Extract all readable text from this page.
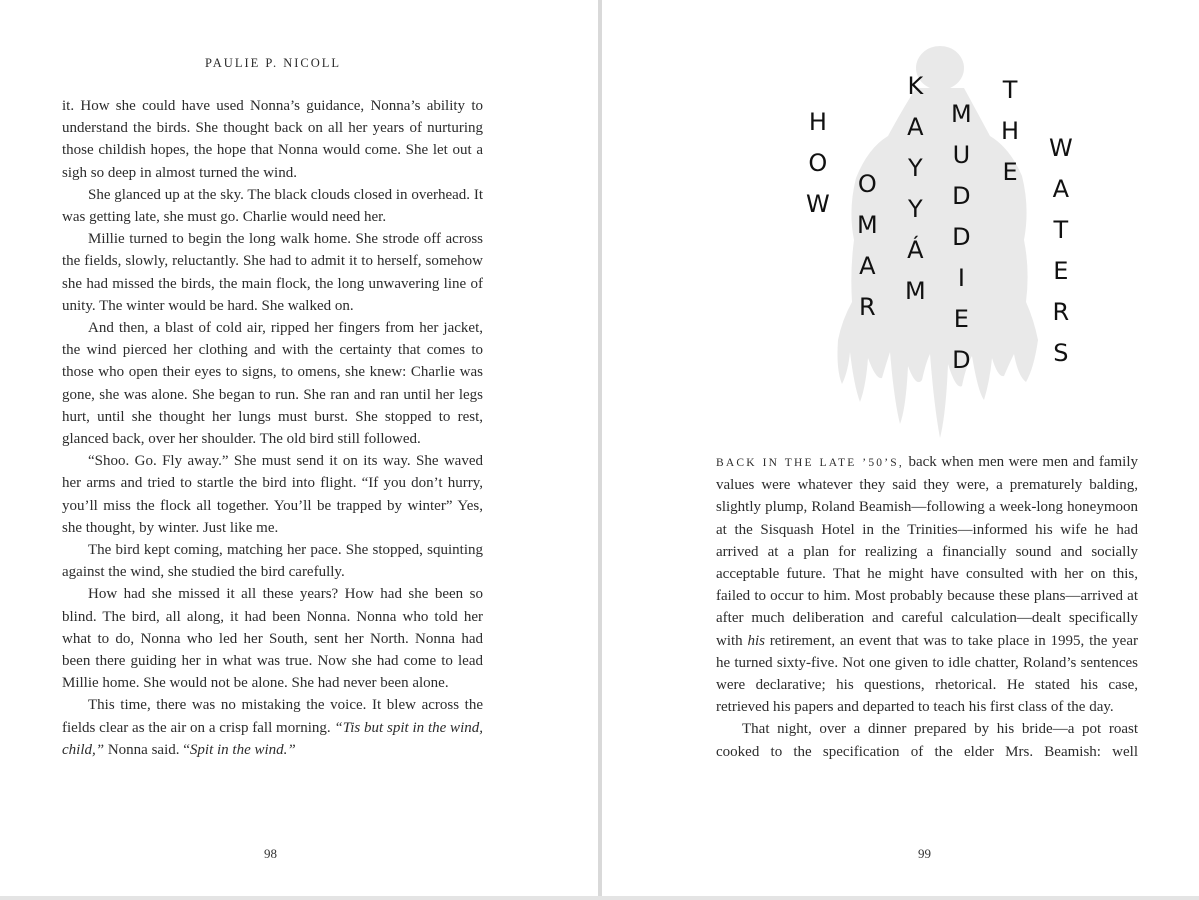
PAULIE P. NICOLL

it. How she could have used Nonna’s guidance, Nonna’s ability to understand the birds. She thought back on all her years of nurturing those childish hopes, the hope that Nonna would come. She let out a sigh so deep in almost turned the wind.

She glanced up at the sky. The black clouds closed in overhead. It was getting late, she must go. Charlie would need her.

Millie turned to begin the long walk home. She strode off across the fields, slowly, reluctantly. She had to admit it to herself, somehow she had missed the birds, the main flock, the long unwavering line of unity. The winter would be hard. She walked on.

And then, a blast of cold air, ripped her fingers from her jacket, the wind pierced her clothing and with the certainty that comes to those who open their eyes to signs, to omens, she knew: Charlie was gone, she was alone. She began to run. She ran and ran until her legs hurt, until she thought her lungs must burst. She stopped to rest, glanced back, over her shoulder. The old bird still followed.

“Shoo. Go. Fly away.” She must send it on its way. She waved her arms and tried to startle the bird into flight. “If you don’t hurry, you’ll miss the flock all together. You’ll be trapped by winter” Yes, she thought, by winter. Just like me.

The bird kept coming, matching her pace. She stopped, squinting against the wind, she studied the bird carefully.

How had she missed it all these years? How had she been so blind. The bird, all along, it had been Nonna. Nonna who told her what to do, Nonna who led her South, sent her North. Nonna had been there guiding her in what was true. Now she had come to lead Millie home. She would not be alone. She had never been alone.

This time, there was no mistaking the voice. It blew across the fields clear as the air on a crisp fall morning. “Tis but spit in the wind, child,” Nonna said. “Spit in the wind.”

98
H
O
W
O
M
A
R
K
A
Y
Y
Á
M
M
U
D
D
I
E
D
T
H
E
W
A
T
E
R
S

BACK IN THE LATE ’50’S, back when men were men and family values were whatever they said they were, a prematurely balding, slightly plump, Roland Beamish—following a week-long honeymoon at the Sisquash Hotel in the Trinities—informed his wife he had arrived at a plan for realizing a financially sound and socially acceptable future. That he might have consulted with her on this, failed to occur to him. Most probably because these plans—arrived at after much deliberation and careful calculation—dealt specifically with his retirement, an event that was to take place in 1995, the year he turned sixty-five. Not one given to idle chatter, Roland’s sentences were declarative; his questions, rhetorical. He stated his case, retrieved his papers and departed to teach his first class of the day.

That night, over a dinner prepared by his bride—a pot roast cooked to the specification of the elder Mrs. Beamish: well

99
